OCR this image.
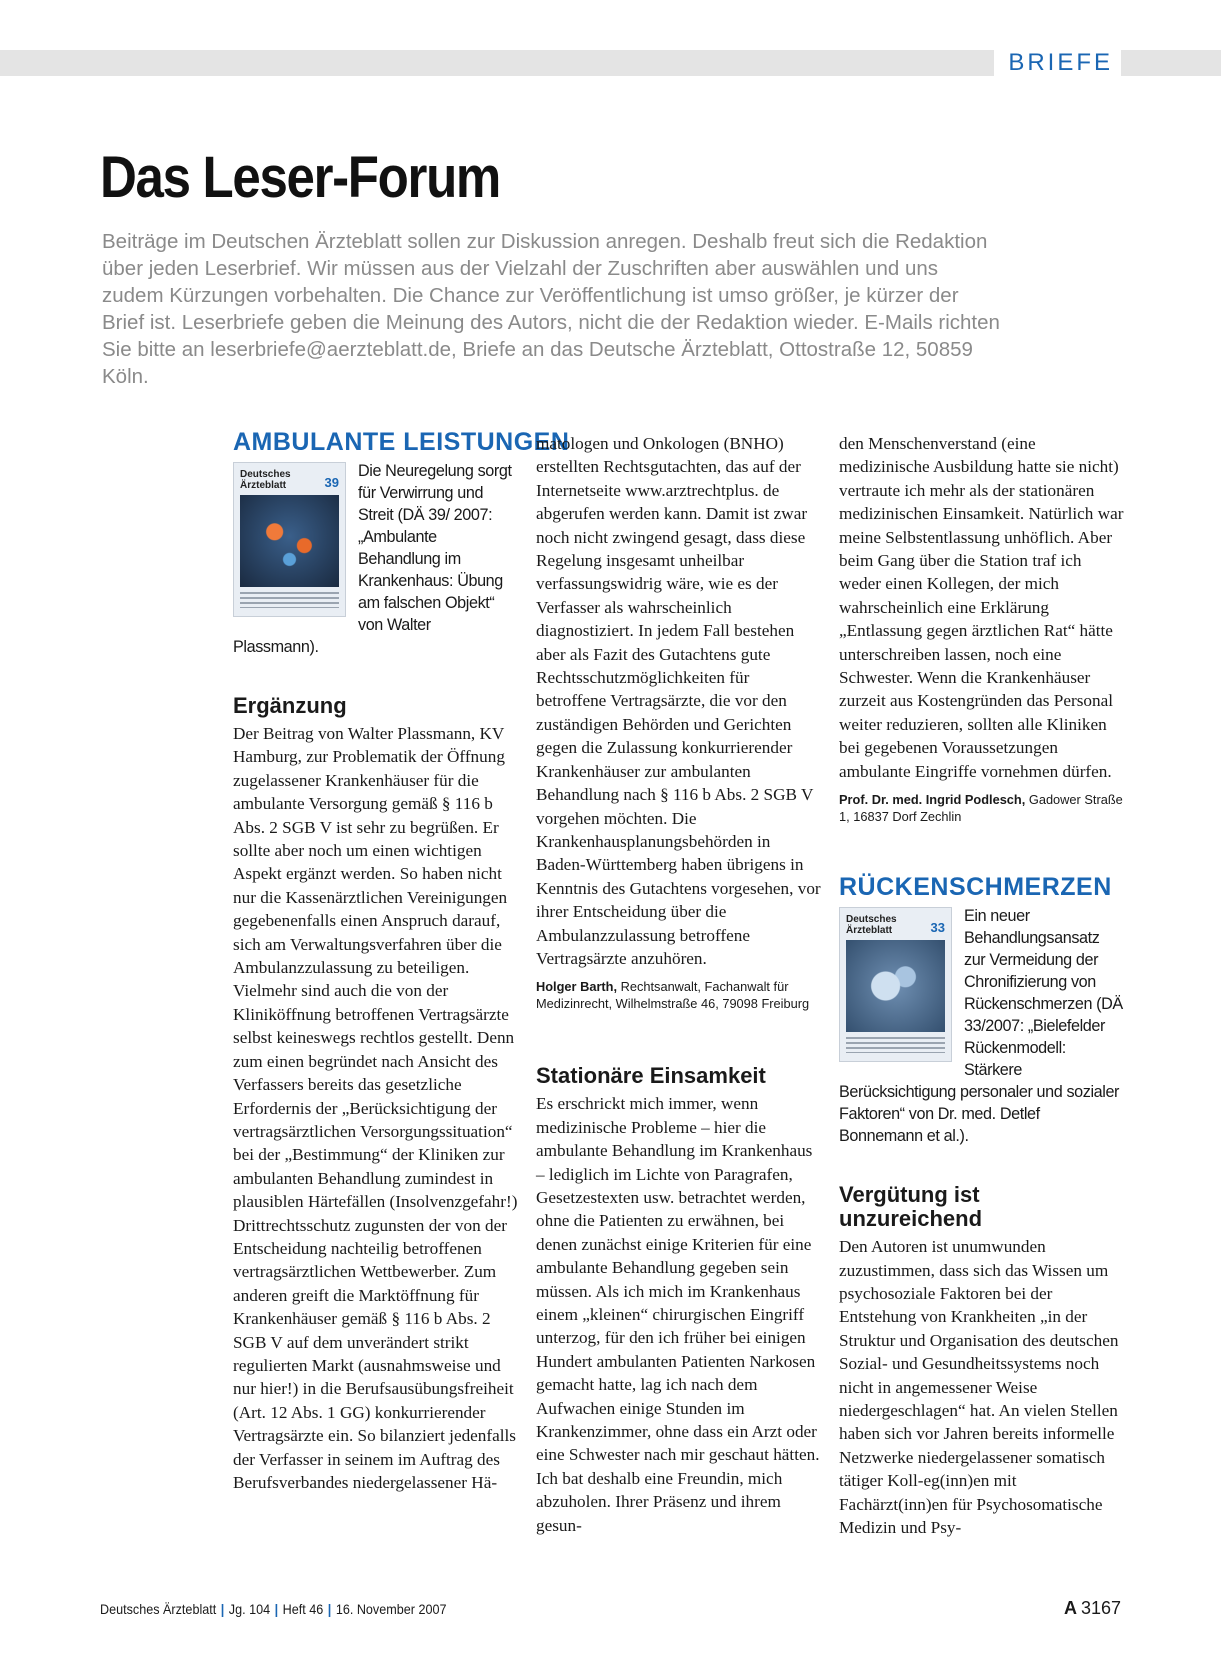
BRIEFE
Das Leser-Forum
Beiträge im Deutschen Ärzteblatt sollen zur Diskussion anregen. Deshalb freut sich die Redaktion über jeden Leserbrief. Wir müssen aus der Vielzahl der Zuschriften aber auswählen und uns zudem Kürzungen vorbehalten. Die Chance zur Veröffentlichung ist umso größer, je kürzer der Brief ist. Leserbriefe geben die Meinung des Autors, nicht die der Redaktion wieder. E-Mails richten Sie bitte an leserbriefe@aerzteblatt.de, Briefe an das Deutsche Ärzteblatt, Ottostraße 12, 50859 Köln.
AMBULANTE LEISTUNGEN
Deutsches Ärzteblatt	39

Die Neuregelung sorgt für Verwirrung und Streit (DÄ 39/ 2007: „Ambulante Behandlung im Krankenhaus: Übung am falschen Objekt“ von Walter Plassmann).

Ergänzung

Der Beitrag von Walter Plassmann, KV Hamburg, zur Problematik der Öffnung zugelassener Krankenhäuser für die ambulante Versorgung gemäß § 116 b Abs. 2 SGB V ist sehr zu begrüßen. Er sollte aber noch um einen wichtigen Aspekt ergänzt werden. So haben nicht nur die Kassenärztlichen Vereinigungen gegebenenfalls einen Anspruch darauf, sich am Verwaltungsverfahren über die Ambulanzzulassung zu beteiligen. Vielmehr sind auch die von der Kliniköffnung betroffenen Vertragsärzte selbst keineswegs rechtlos gestellt. Denn zum einen begründet nach Ansicht des Verfassers bereits das gesetzliche Erfordernis der „Berücksichtigung der vertragsärztlichen Versorgungssituation“ bei der „Bestimmung“ der Kliniken zur ambulanten Behandlung zumindest in plausiblen Härtefällen (Insolvenzgefahr!) Drittrechtsschutz zugunsten der von der Entscheidung nachteilig betroffenen vertragsärztlichen Wettbewerber. Zum anderen greift die Marktöffnung für Krankenhäuser gemäß § 116 b Abs. 2 SGB V auf dem unverändert strikt regulierten Markt (ausnahmsweise und nur hier!) in die Berufsausübungsfreiheit (Art. 12 Abs. 1 GG) konkurrierender Vertragsärzte ein. So bilanziert jedenfalls der Verfasser in seinem im Auftrag des Berufsverbandes niedergelassener Hä-

matologen und Onkologen (BNHO) erstellten Rechtsgutachten, das auf der Internetseite www.arztrechtplus. de abgerufen werden kann. Damit ist zwar noch nicht zwingend gesagt, dass diese Regelung insgesamt unheilbar verfassungswidrig wäre, wie es der Verfasser als wahrscheinlich diagnostiziert. In jedem Fall bestehen aber als Fazit des Gutachtens gute Rechtsschutzmöglichkeiten für betroffene Vertragsärzte, die vor den zuständigen Behörden und Gerichten gegen die Zulassung konkurrierender Krankenhäuser zur ambulanten Behandlung nach § 116 b Abs. 2 SGB V vorgehen möchten. Die Krankenhausplanungsbehörden in Baden-Württemberg haben übrigens in Kenntnis des Gutachtens vorgesehen, vor ihrer Entscheidung über die Ambulanzzulassung betroffene Vertragsärzte anzuhören.

Holger Barth, Rechtsanwalt, Fachanwalt für Medizinrecht, Wilhelmstraße 46, 79098 Freiburg
Stationäre Einsamkeit

Es erschrickt mich immer, wenn medizinische Probleme – hier die ambulante Behandlung im Krankenhaus – lediglich im Lichte von Paragrafen, Gesetzestexten usw. betrachtet werden, ohne die Patienten zu erwähnen, bei denen zunächst einige Kriterien für eine ambulante Behandlung gegeben sein müssen. Als ich mich im Krankenhaus einem „kleinen“ chirurgischen Eingriff unterzog, für den ich früher bei einigen Hundert ambulanten Patienten Narkosen gemacht hatte, lag ich nach dem Aufwachen einige Stunden im Krankenzimmer, ohne dass ein Arzt oder eine Schwester nach mir geschaut hätten. Ich bat deshalb eine Freundin, mich abzuholen. Ihrer Präsenz und ihrem gesun-

den Menschenverstand (eine medizinische Ausbildung hatte sie nicht) vertraute ich mehr als der stationären medizinischen Einsamkeit. Natürlich war meine Selbstentlassung unhöflich. Aber beim Gang über die Station traf ich weder einen Kollegen, der mich wahrscheinlich eine Erklärung „Entlassung gegen ärztlichen Rat“ hätte unterschreiben lassen, noch eine Schwester. Wenn die Krankenhäuser zurzeit aus Kostengründen das Personal weiter reduzieren, sollten alle Kliniken bei gegebenen Voraussetzungen ambulante Eingriffe vornehmen dürfen.

Prof. Dr. med. Ingrid Podlesch, Gadower Straße 1, 16837 Dorf Zechlin
RÜCKENSCHMERZEN
Deutsches Ärzteblatt	33

Ein neuer Behandlungsansatz zur Vermeidung der Chronifizierung von Rückenschmerzen (DÄ 33/2007: „Bielefelder Rückenmodell: Stärkere Berücksichtigung personaler und sozialer Faktoren“ von Dr. med. Detlef Bonnemann et al.).

Vergütung ist unzureichend

Den Autoren ist unumwunden zuzustimmen, dass sich das Wissen um psychosoziale Faktoren bei der Entstehung von Krankheiten „in der Struktur und Organisation des deutschen Sozial- und Gesundheitssystems noch nicht in angemessener Weise niedergeschlagen“ hat. An vielen Stellen haben sich vor Jahren bereits informelle Netzwerke niedergelassener somatisch tätiger Koll-eg(inn)en mit Fachärzt(inn)en für Psychosomatische Medizin und Psy-

Deutsches Ärzteblatt | Jg. 104 | Heft 46 | 16. November 2007	A 3167
